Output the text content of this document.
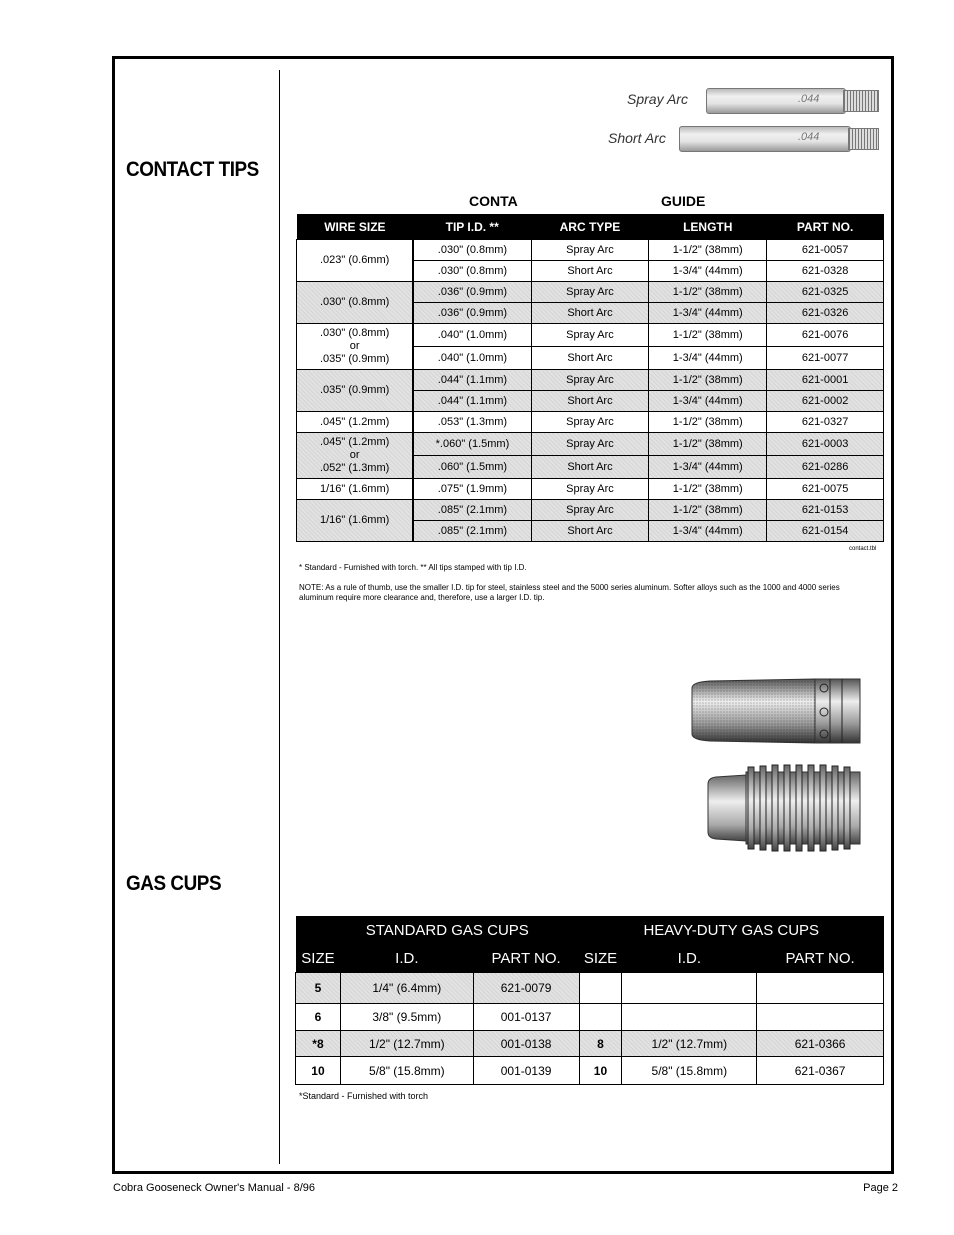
CONTACT TIPS
GAS CUPS
Spray Arc	.044
Short Arc	.044
CONTA	GUIDE
WIRE SIZE	TIP I.D. **	ARC TYPE	LENGTH	PART NO.

.023" (0.6mm)	.030" (0.8mm)	Spray Arc	1-1/2" (38mm)	621-0057
	.030" (0.8mm)	Short Arc	1-3/4" (44mm)	621-0328

.030" (0.8mm)	.036" (0.9mm)	Spray Arc	1-1/2" (38mm)	621-0325
	.036" (0.9mm)	Short Arc	1-3/4" (44mm)	621-0326

.030" (0.8mm)
or
.035" (0.9mm)	.040" (1.0mm)	Spray Arc	1-1/2" (38mm)	621-0076
	.040" (1.0mm)	Short Arc	1-3/4" (44mm)	621-0077

.035" (0.9mm)	.044" (1.1mm)	Spray Arc	1-1/2" (38mm)	621-0001
	.044" (1.1mm)	Short Arc	1-3/4" (44mm)	621-0002

.045" (1.2mm)	.053" (1.3mm)	Spray Arc	1-1/2" (38mm)	621-0327

.045" (1.2mm)
or
.052" (1.3mm)	*.060" (1.5mm)	Spray Arc	1-1/2" (38mm)	621-0003
	.060" (1.5mm)	Short Arc	1-3/4" (44mm)	621-0286

1/16" (1.6mm)	.075" (1.9mm)	Spray Arc	1-1/2" (38mm)	621-0075

1/16" (1.6mm)	.085" (2.1mm)	Spray Arc	1-1/2" (38mm)	621-0153
	.085" (2.1mm)	Short Arc	1-3/4" (44mm)	621-0154
contact.tbl
* Standard - Furnished with torch. ** All tips stamped with tip I.D.
NOTE: As a rule of thumb, use the smaller I.D. tip for steel, stainless steel and the 5000 series aluminum. Softer alloys such as the 1000 and 4000 series aluminum require more clearance and, therefore, use a larger I.D. tip.
STANDARD GAS CUPS			HEAVY-DUTY GAS CUPS		
SIZE	I.D.	PART NO.	SIZE	I.D.	PART NO.
5	1/4" (6.4mm)	621-0079			
6	3/8" (9.5mm)	001-0137			
*8	1/2" (12.7mm)	001-0138	8	1/2" (12.7mm)	621-0366
10	5/8" (15.8mm)	001-0139	10	5/8" (15.8mm)	621-0367
*Standard - Furnished with torch
Cobra Gooseneck Owner's Manual - 8/96	Page 2
